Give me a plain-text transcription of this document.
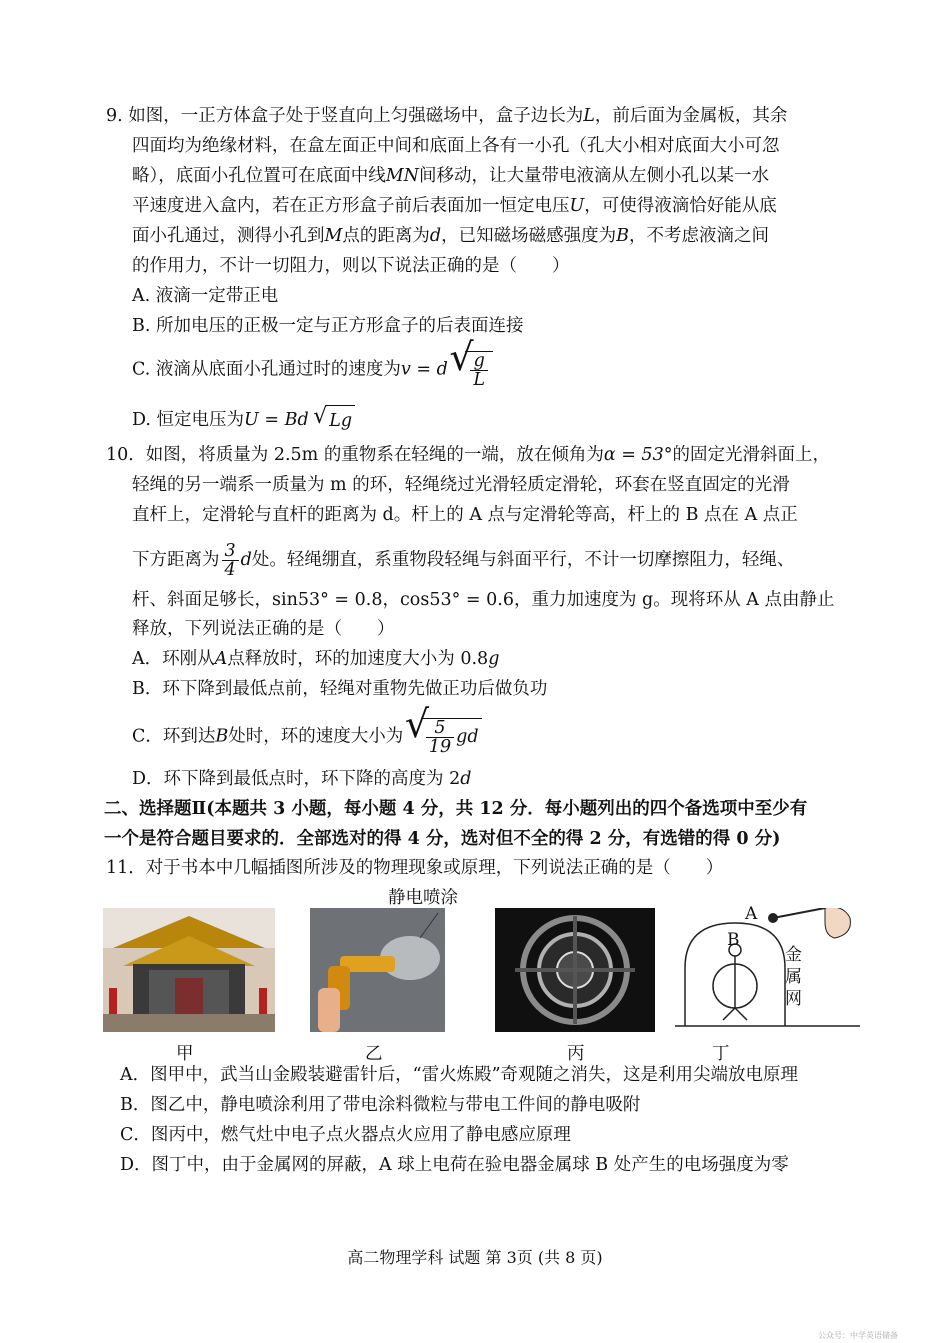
9. 如图，一正方体盒子处于竖直向上匀强磁场中，盒子边长为L，前后面为金属板，其余
四面均为绝缘材料，在盒左面正中间和底面上各有一小孔（孔大小相对底面大小可忽
略），底面小孔位置可在底面中线MN间移动，让大量带电液滴从左侧小孔以某一水
平速度进入盒内，若在正方形盒子前后表面加一恒定电压U，可使得液滴恰好能从底
面小孔通过，测得小孔到M点的距离为d，已知磁场磁感强度为B，不考虑液滴之间
的作用力，不计一切阻力，则以下说法正确的是（　　）
A. 液滴一定带正电
B. 所加电压的正极一定与正方形盒子的后表面连接
C. 液滴从底面小孔通过时的速度为v = d √ $\frac{g}{L}$
D. 恒定电压为U = Bd √ Lg
10．如图，将质量为 2.5m 的重物系在轻绳的一端，放在倾角为α = 53°的固定光滑斜面上，
轻绳的另一端系一质量为 m 的环，轻绳绕过光滑轻质定滑轮，环套在竖直固定的光滑
直杆上，定滑轮与直杆的距离为 d。杆上的 A 点与定滑轮等高，杆上的 B 点在 A 点正
下方距离为 $\frac{3}{4}$ d处。轻绳绷直，系重物段轻绳与斜面平行，不计一切摩擦阻力，轻绳、
杆、斜面足够长，sin53° = 0.8，cos53° = 0.6，重力加速度为 g。现将环从 A 点由静止
释放，下列说法正确的是（　　）
A．环刚从A点释放时，环的加速度大小为 0.8g
B．环下降到最低点前，轻绳对重物先做正功后做负功
C．环到达B处时，环的速度大小为 √ $\frac{5}{19}$ gd
D．环下降到最低点时，环下降的高度为 2d
二、选择题Ⅱ(本题共 3 小题，每小题 4 分，共 12 分．每小题列出的四个备选项中至少有
一个是符合题目要求的．全部选对的得 4 分，选对但不全的得 2 分，有选错的得 0 分)
11．对于书本中几幅插图所涉及的物理现象或原理，下列说法正确的是（　　）
静电喷涂
A
B
金
属
网
甲	乙	丙	丁
A．图甲中，武当山金殿装避雷针后，“雷火炼殿”奇观随之消失，这是利用尖端放电原理
B．图乙中，静电喷涂利用了带电涂料微粒与带电工件间的静电吸附
C．图丙中，燃气灶中电子点火器点火应用了静电感应原理
D．图丁中，由于金属网的屏蔽，A 球上电荷在验电器金属球 B 处产生的电场强度为零
高二物理学科 试题 第 3页 (共 8 页)
公众号：中学英语储备
